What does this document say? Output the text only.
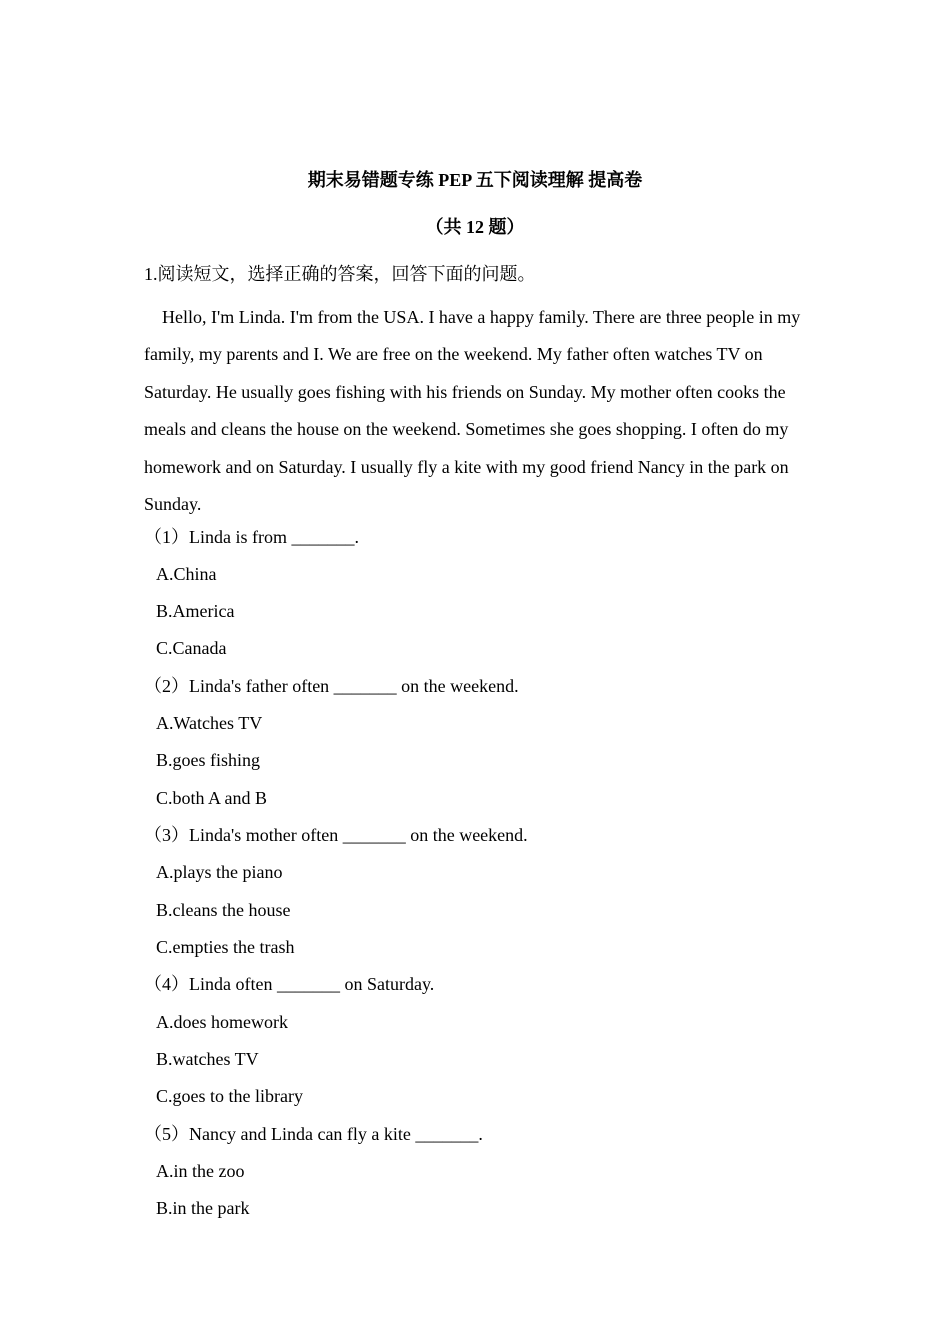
期末易错题专练 PEP 五下阅读理解 提高卷
（共 12 题）
1.阅读短文，选择正确的答案，回答下面的问题。

Hello, I'm Linda. I'm from the USA. I have a happy family. There are three people in my family, my parents and I. We are free on the weekend. My father often watches TV on Saturday. He usually goes fishing with his friends on Sunday. My mother often cooks the meals and cleans the house on the weekend. Sometimes she goes shopping. I often do my homework and on Saturday. I usually fly a kite with my good friend Nancy in the park on Sunday.

（1）Linda is from _______.
A.China
B.America
C.Canada
（2）Linda's father often _______ on the weekend.
A.Watches TV
B.goes fishing
C.both A and B
（3）Linda's mother often _______ on the weekend.
A.plays the piano
B.cleans the house
C.empties the trash
（4）Linda often _______ on Saturday.
A.does homework
B.watches TV
C.goes to the library
（5）Nancy and Linda can fly a kite _______.
A.in the zoo
B.in the park
